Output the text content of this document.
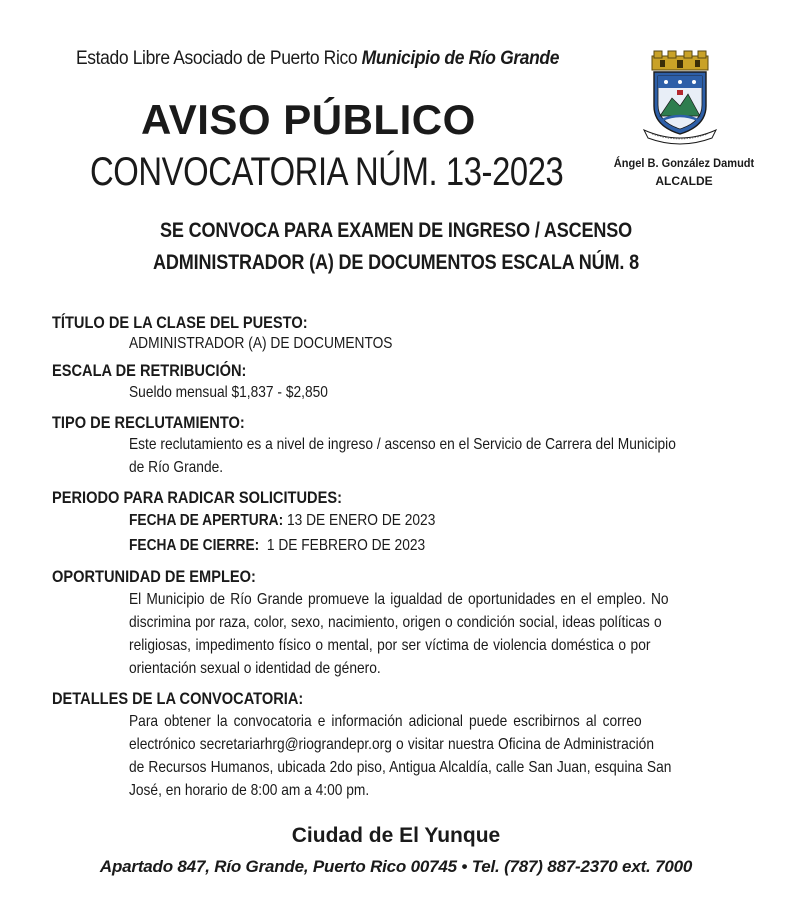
Estado Libre Asociado de Puerto Rico Municipio de Río Grande
AVISO PÚBLICO
CONVOCATORIA NÚM. 13-2023	Ángel B. González Damudt
ALCALDE
SE CONVOCA PARA EXAMEN DE INGRESO / ASCENSO
ADMINISTRADOR (A) DE DOCUMENTOS ESCALA NÚM. 8
TÍTULO DE LA CLASE DEL PUESTO:
ADMINISTRADOR (A) DE DOCUMENTOS
ESCALA DE RETRIBUCIÓN:
Sueldo mensual $1,837 - $2,850
TIPO DE RECLUTAMIENTO:
Este reclutamiento es a nivel de ingreso / ascenso en el Servicio de Carrera del Municipio
de Río Grande.
PERIODO PARA RADICAR SOLICITUDES:
FECHA DE APERTURA: 13 DE ENERO DE 2023
FECHA DE CIERRE:  1 DE FEBRERO DE 2023
OPORTUNIDAD DE EMPLEO:
El Municipio de Río Grande promueve la igualdad de oportunidades en el empleo. No
discrimina por raza, color, sexo, nacimiento, origen o condición social, ideas políticas o
religiosas, impedimento físico o mental, por ser víctima de violencia doméstica o por
orientación sexual o identidad de género.
DETALLES DE LA CONVOCATORIA:
Para obtener la convocatoria e información adicional puede escribirnos al correo
electrónico secretariarhrg@riograndepr.org o visitar nuestra Oficina de Administración
de Recursos Humanos, ubicada 2do piso, Antigua Alcaldía, calle San Juan, esquina San
José, en horario de 8:00 am a 4:00 pm.
Ciudad de El Yunque
Apartado 847, Río Grande, Puerto Rico 00745 • Tel. (787) 887-2370 ext. 7000
